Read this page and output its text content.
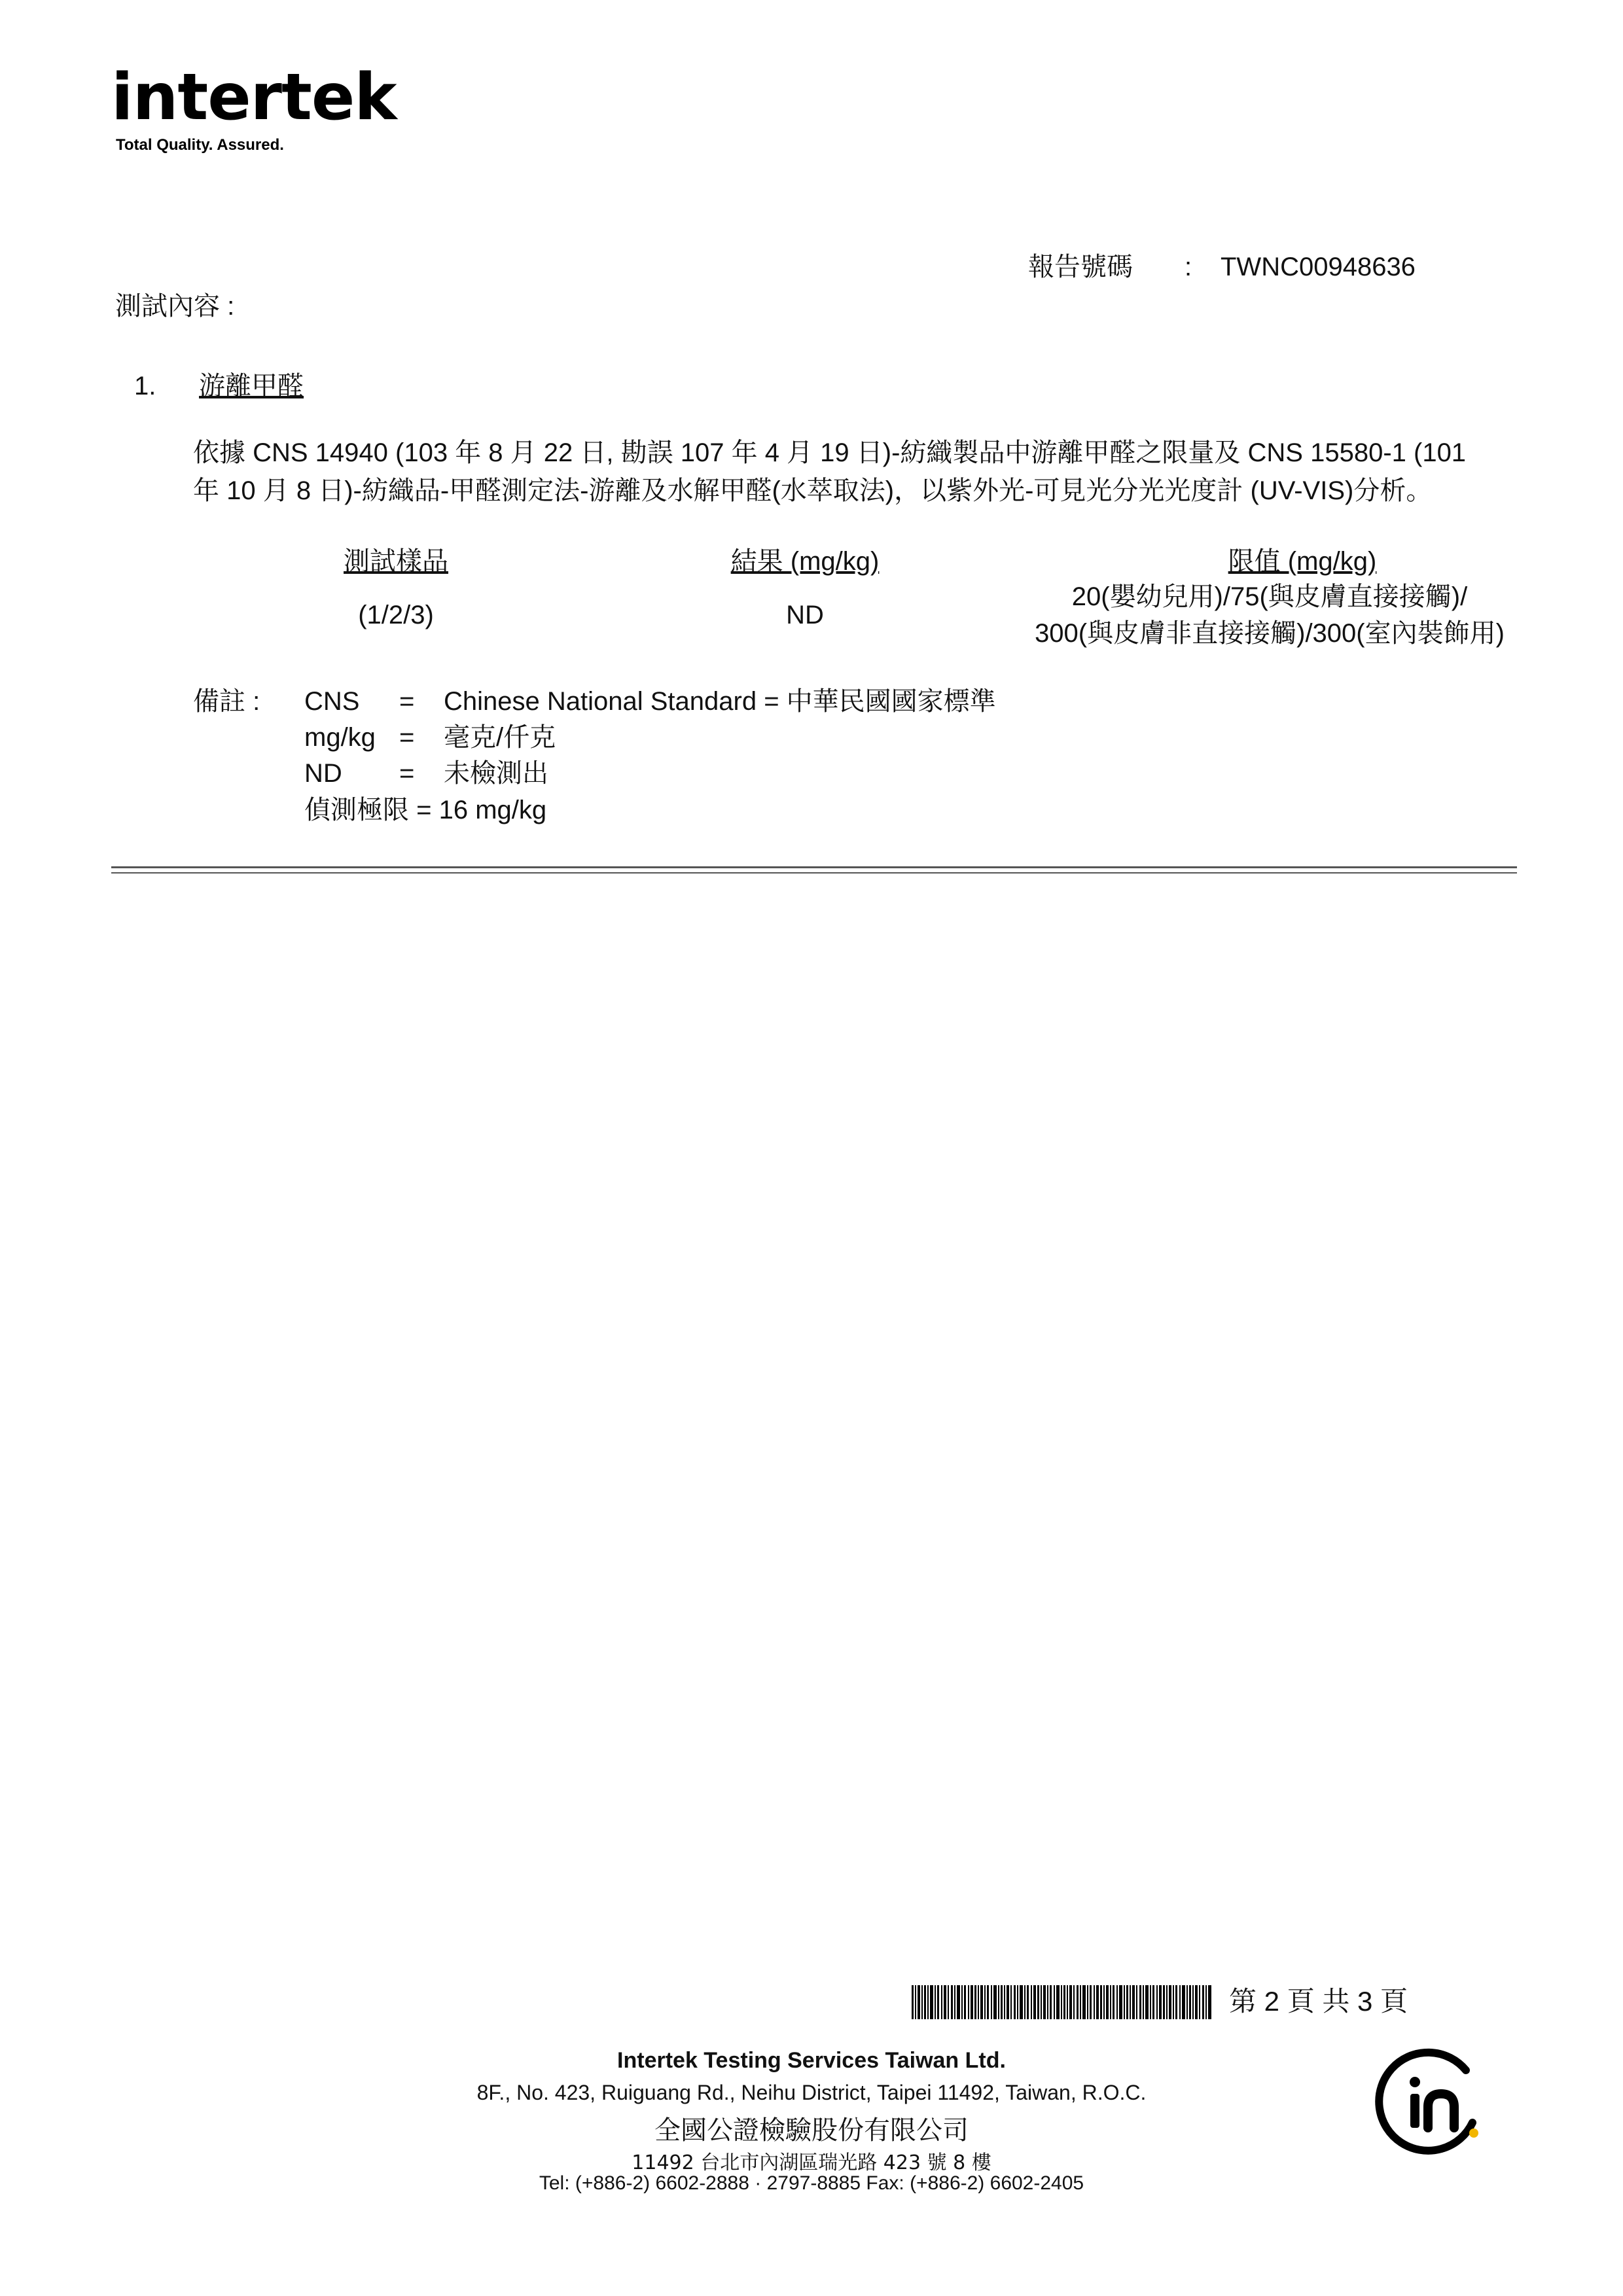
intertek
Total Quality. Assured.
報告號碼 : TWNC00948636
測試內容 :
1. 游離甲醛
依據 CNS 14940 (103 年 8 月 22 日, 勘誤 107 年 4 月 19 日)-紡織製品中游離甲醛之限量及 CNS 15580-1 (101
年 10 月 8 日)-紡織品-甲醛測定法-游離及水解甲醛(水萃取法)，以紫外光-可見光分光光度計 (UV-VIS)分析。
測試樣品	結果 (mg/kg)	限值 (mg/kg)
(1/2/3)	ND
20(嬰幼兒用)/75(與皮膚直接接觸)/
300(與皮膚非直接接觸)/300(室內裝飾用)
備註 : CNS = Chinese National Standard = 中華民國國家標準
mg/kg = 毫克/仟克
ND = 未檢測出
偵測極限 = 16 mg/kg
第 2 頁 共 3 頁
Intertek Testing Services Taiwan Ltd.
8F., No. 423, Ruiguang Rd., Neihu District, Taipei 11492, Taiwan, R.O.C.
全國公證檢驗股份有限公司
11492 台北市內湖區瑞光路 423 號 8 樓
Tel: (+886-2) 6602-2888 · 2797-8885 Fax: (+886-2) 6602-2405
